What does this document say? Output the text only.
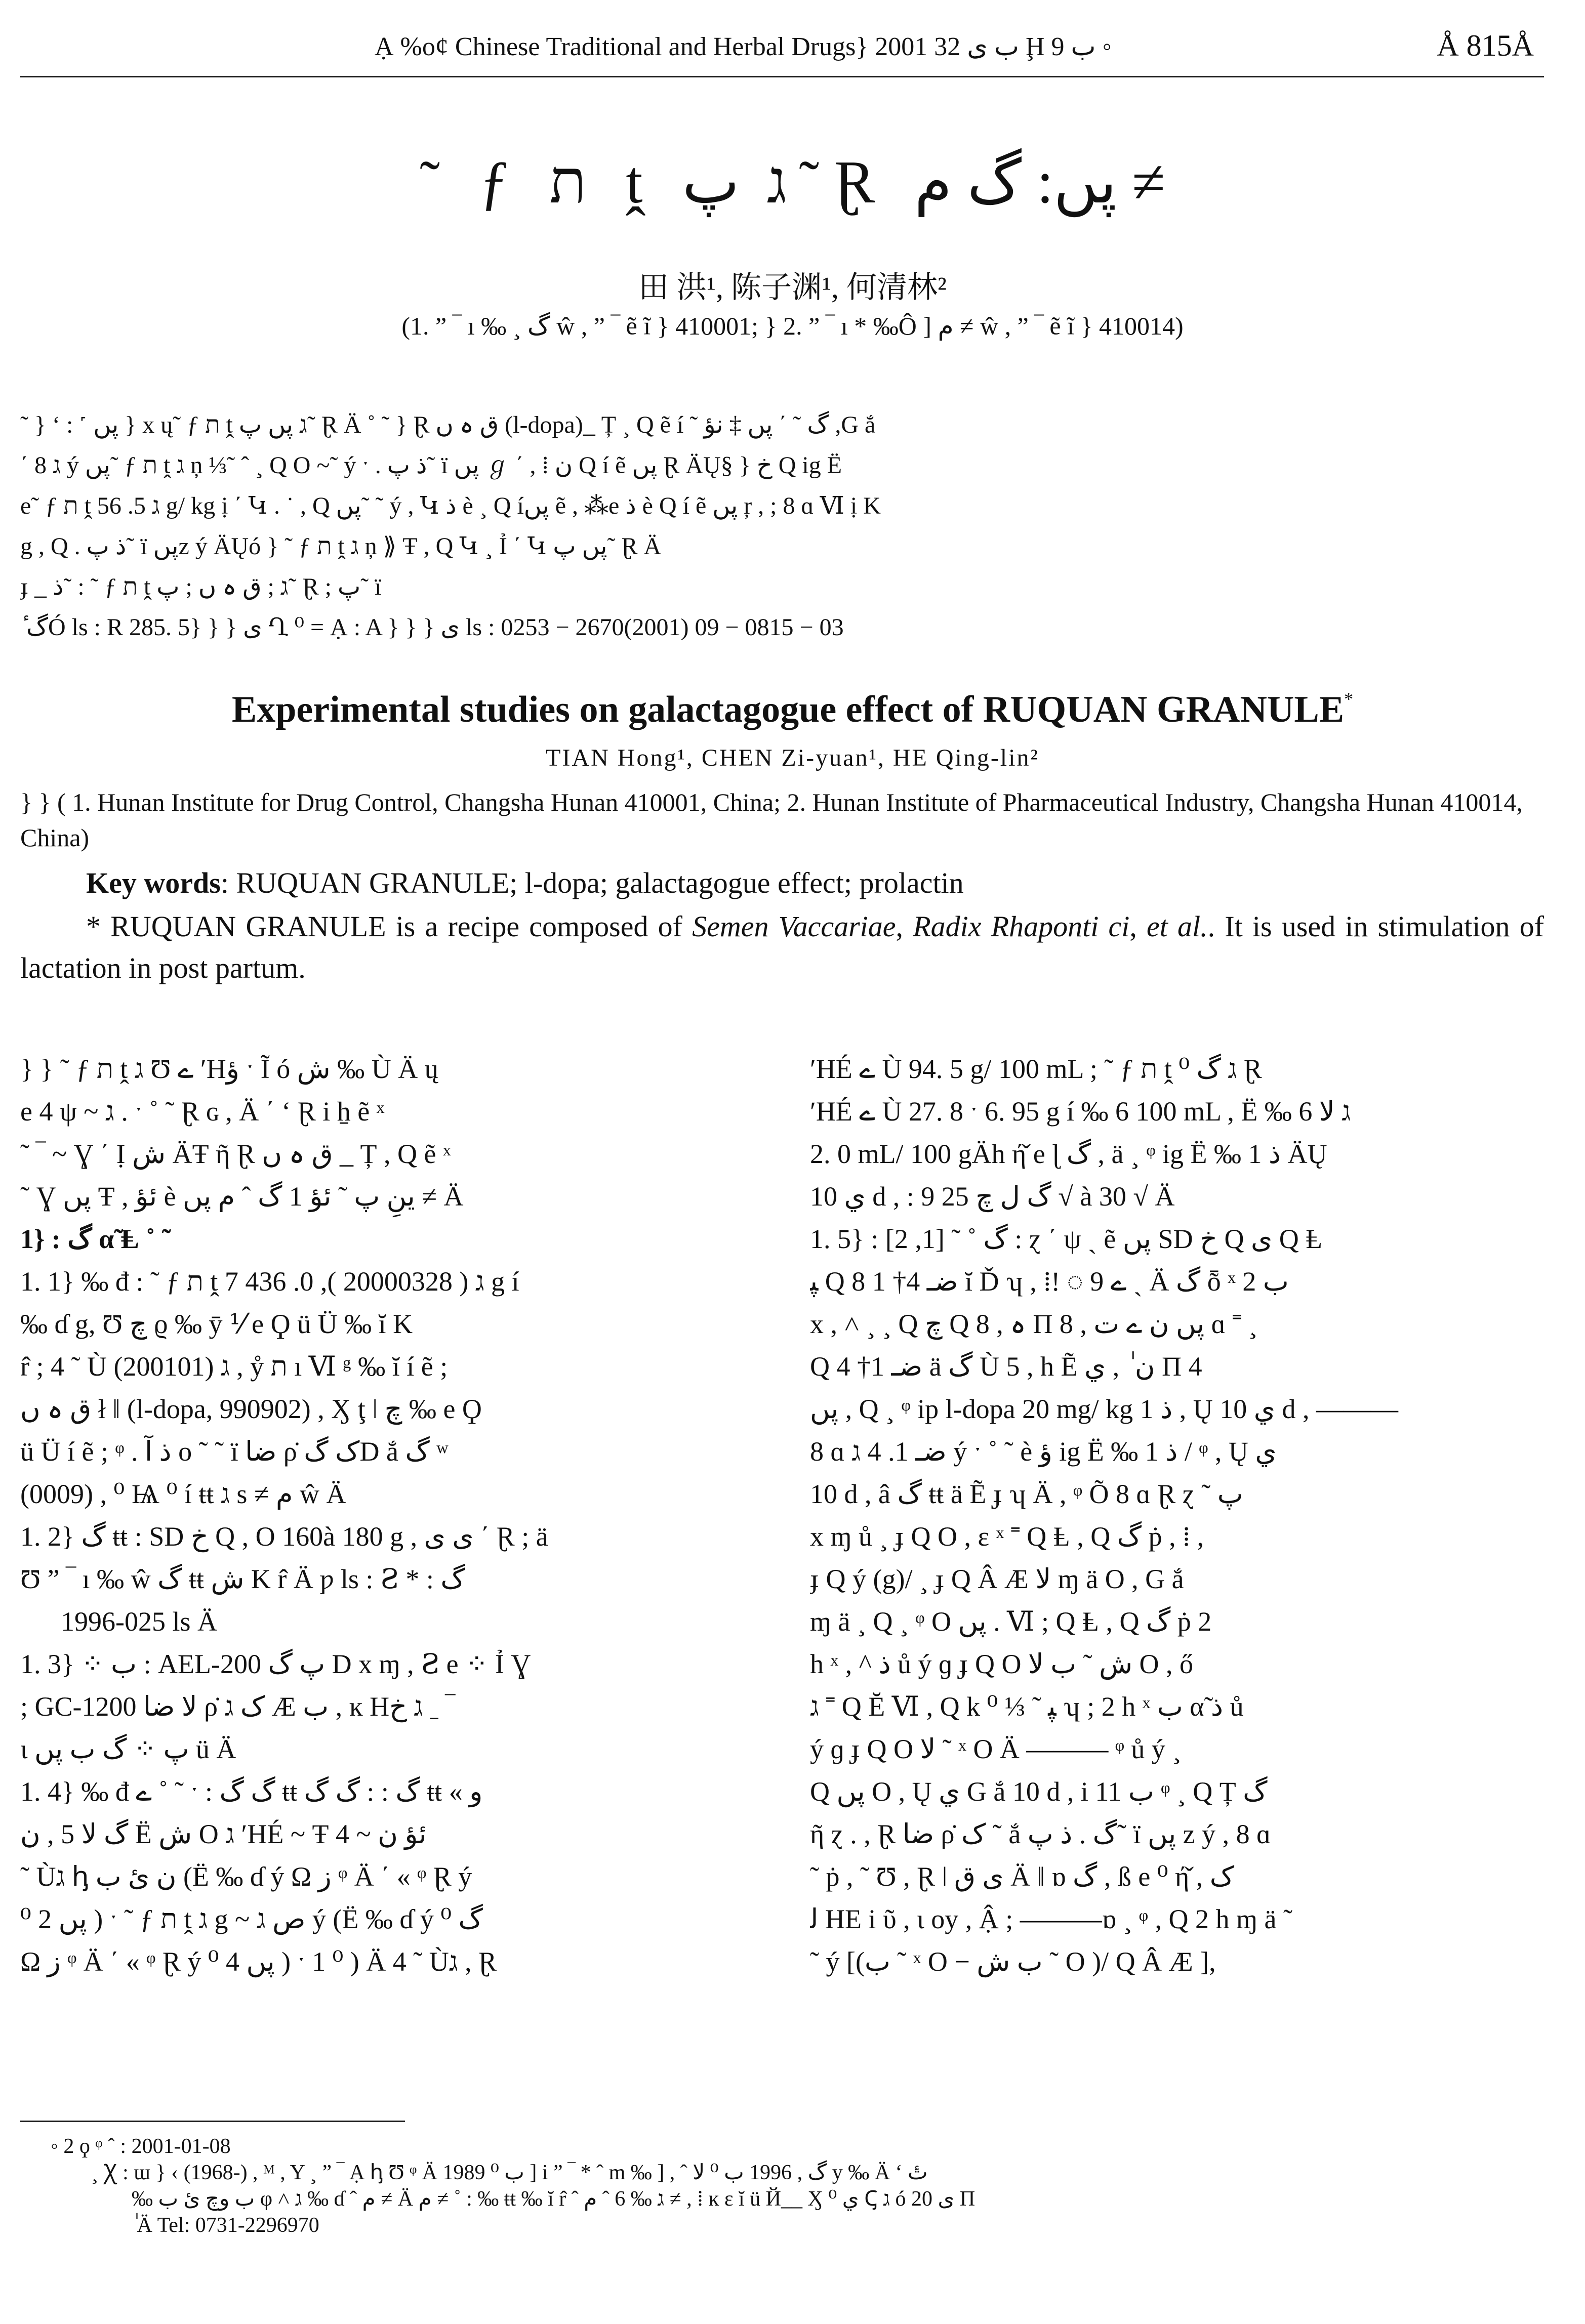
Ạ %o¢ Chinese Traditional and Herbal Drugs} 2001 ب ى 32 Ḩ ب 9 ◦	Å 815Å
˜ ƒ ת ṱ ג پ˜ Ɽ پں: گ م ≠
田 洪¹, 陈子渊¹, 何清林²
(1. ” ‾ ı ‰ ¸ گ ŵ , ” ‾ ẽ ĩ } 410001; } 2. ” ‾ ı * ‰Ô ] م ≠ ŵ , ” ‾ ẽ ĩ } 410014)
˜ } ‘ : ˹ پں } x ų˜ ƒ ת ṱ ג پں پ˜ Ɽ Ä ˚ ˜ } Ɽ ق ہ ں (l-dopa)_ Ț ¸ Q ẽ í ˜ گ ˜ ΄ پں ‡ نؤ ,G ắ
΄ 8 ג ý پں˜ ƒ ת ṱ ג ņ ⅓˜ ˆ ¸ Q O ~˜ ý ˑ . ذ پ˜ ï پں ℊ ΄ , ⁞ ن Q í ẽ پں Ɽ ÄŲ§ } خ Q ig Ë
e˜ ƒ ת ṱ ג 5. 56 g/ kg ị ΄ Կ . ˙ , Q پں˜ ˜ ý , Կ ذ è ¸ Q íپں ẽ , ⁂e ذ è Q í ẽ پں ŗ , ; 8 ɑ Ⅵ ị K
g , Q . ذ پ˜ ï پںz ý ÄŲó } ˜ ƒ ת ṱ ג ņ ⟫ Ŧ , Q Կ ¸ Ỉ ΄ Կ پں پ˜ Ɽ Ä
ɟ _ ذ˜ : ˜ ƒ ת ṱ ג ; ق ہ ں ; پ˜ Ɽ ; پ˜ ï
ٔ گÓ ls : R 285. 5} } } ى Ղ ⁰ = Ạ : A } } } ى ls : 0253 − 2670(2001) 09 − 0815 − 03
Experimental studies on galactagogue effect of RUQUAN GRANULE*
TIAN Hong¹, CHEN Zi-yuan¹, HE Qing-lin²
} } ( 1. Hunan Institute for Drug Control, Changsha Hunan 410001, China; 2. Hunan Institute of Pharmaceutical Industry, Changsha Hunan 410014, China)
Key words: RUQUAN GRANULE; l-dopa; galactagogue effect; prolactin
* RUQUAN GRANULE is a recipe composed of Semen Vaccariae, Radix Rhaponti ci, et al.. It is used in stimulation of lactation in post partum.
} } ˜ ƒ ת ṱ ג Ʊ ے ʹHؤ ˑ Ĩ ó ش ‰ Ù Ä ų
e 4 ψ ~ ג . ˑ ˚ ˜ Ɽ ɢ , Ä ΄ ‘ Ɽ i ẖ ẽ ˣ
˜ ‾ ~ Ɣ ΄ Ị ش ÄŦ ῆ Ɽ ق ہ ں _ Ț , Q ẽ ˣ
˜ Ɣ پں Ŧ , ئؤ è ينِ پ ˜ ئؤ 1 گ ˆ م پں ≠ Ä
1} : گ α̃ Ⱡ ˚ ˜
1. 1} ‰ đ : ˜ ƒ ת ṱ ג ( 20000328 ), 0. 436 7 g í
‰ ɗ g, Ʊ چ ϱ ‰ ȳ ⅟ e Ϙ ü Ü ‰ ĭ K
r̂ ; 4 ˜ Ù ג (200101) , ẙ ת ı Ⅵ ᵍ ‰ ĭ í ẽ ;
ق ہ ں ł ‖ (l-dopa, 990902) , Ӽ ţ ǀ چ ‰ e Ϙ
ü Ü í ẽ ; ᵠ . ذ آ ο ˜ ˜ ï ضا ρ̇ ک گD ắ گ ʷ
(0009) , ⁰ Ѩ ⁰ í ŧŧ ג s ≠ م ŵ Ä
1. 2} گ ŧŧ : SD خ Q , O 160à 180 g , ی ی ΄ Ɽ ; ä
Ʊ ” ‾ ı ‰ ŵ گ ŧŧ ش K r̂ Ä ƿ ls : Ꙅ * : گ
1996-025 ls Ä
1. 3} ⁘ ب : AEL-200 پ گ D x ɱ , Ꙅ e ⁘ Ỉ Ɣ
; GC-1200 ﻻ ضا ρ̇ ک ג Æ ب , ĸ Hג خ ˍ ‾
ι پ ⁘ گ ب پں ü Ä
1. 4} ‰ đ ے ˚ ˜ ˑ : گ گ ŧŧ گ : : گ گ ŧŧ « و
گ لا 5 , ن Ë ش O ג ʹHÉ ~ Ŧ ئؤ ن ~ 4
˜ Ùג ꞕ ن ئ ب (Ë ‰ ɗ ý Ω ز ᵠ Ä ΄ « ᵠ Ɽ ý
پں 2 ⁰ ) ˑ ˜ ƒ ת ṱ ג g ~ ص ג ý (Ë ‰ ɗ ý گ ⁰
Ω ز ᵠ Ä ΄ « ᵠ Ɽ ý پں 4 ⁰ ) ˑ 1 ⁰ ) Ä 4 ˜ Ùג , Ɽ
ʹHÉ ے Ù 94. 5 g/ 100 mL ; ˜ ƒ ת ṱ ג گ ⁰ Ɽ
ʹHÉ ے Ù 27. 8 ˑ 6. 95 g í ‰ 6 100 mL , Ë ‰ 6 ג لا
2. 0 mL/ 100 gÄh ή̌ e ɭ گ , ä ¸ ᵠ ig Ë ‰ 1 ذ ÄŲ
ي 10 d , : 9 گ ل چ 25 √ à 30 √ Ä
1. 5} : گ ˚ ˜ [1, 2] : ɀ ΄ ψ ˎ ẽ پں SD خ Q ی Q Ⱡ
ﭙ Q ضـ 4† 1 8 ĭ Ď ʮ , ⁞! ◌ ے 9 ˎ Ä گ ȭ ˣ ب 2
x , ˄ ¸ ¸ Q چ Q 8 , ہ Π پں ن ے ت , 8 ɑ ˭ ¸
Q ضـ 1† 4 ä گ Ù 5 , h Ẽ ن ٰ , ي Π 4
پں , Q ¸ ᵠ ip l-dopa 20 mg/ kg 1 ذ , Ų ي 10 d , ———
8 ɑ ضـ 1. 4 ג ý ˑ ˚ ˜ è ؤ ig Ë ‰ 1 ذ / ᵠ , Ų ي
10 d , â گ ŧŧ ä Ẽ ɟ ʮ Ä , ᵠ Õ 8 ɑ Ɽ ɀ ˜ پ
x ɱ ů ¸ ɟ Q O , ɛ ˣ ˭ Q Ⱡ , Q گ ṗ , ⁞ ,
ɟ Q ý (g)/ ¸ ɟ Q Â Æ لا ɱ ä O , G ắ
ɱ ä ¸ Q ¸ ᵠ O پں . Ⅵ ; Q Ⱡ , Q گ ṗ 2
h ˣ , ^ ذ ů ý ɡ ɟ Q O ﺵ ˜ ب لا O , ő
ג ˭ Q Ĕ Ⅵ , Q k ⁰ ⅓ ˜ ﭙ ʮ ; 2 h ˣ ب α̃ ذ ů
ý ɡ ɟ Q O لا ˜ ˣ O Ä ——— ᵠ ů ý ¸
Q پں O , Ų ي G ắ 10 d , i ب 11 ᵠ ¸ Q Ț گ
ῆ ɀ . , Ɽ ضا ρ̇ ک ˜ ắ گ . ذ پ˜ ï پں z ý , 8 ɑ
˜ ṗ , ˜ Ʊ , Ɽ ǀ ی ق Ä ‖ ɒ گ , ß e ⁰ ή̌ , ک
ﻟ HE i ῦ , ι oy , Ậ ; ———ɒ ¸ ᵠ , Q 2 h ɱ ä ˜
˜ ý [(ب ˜ ˣ O − ب ﺵ ˜ O )/ Q Â Æ ],
◦ 2 ϙ ᵠ ˆ : 2001-01-08
¸ Ꭓ : ɯ } ‹ (1968-) , ᴹ , Y ¸ ” ‾ Ạ ꞕ Ʊ ᵠ Ä 1989 ب ⁰ ] i ” ‾ * ˆ m ‰ ] , ˆ گ , 1996 ب ⁰ لا y ‰ Ä ‘ تٔ
‰ ب ﻭچ ئ ب φ ˄ ג ‰ ɗ ˆ م ≠ Ä م ≠ ˚ : ‰ ŧŧ ‰ ĭ r̂ ˆ ג ‰ 6 ˆ م ≠ , ⁞ ĸ ɛ ĭ ü Й__ Ӽ ي ⁰ Ꞔ ג ó ى 20 Π
ٰ Ä Tel: 0731-2296970
